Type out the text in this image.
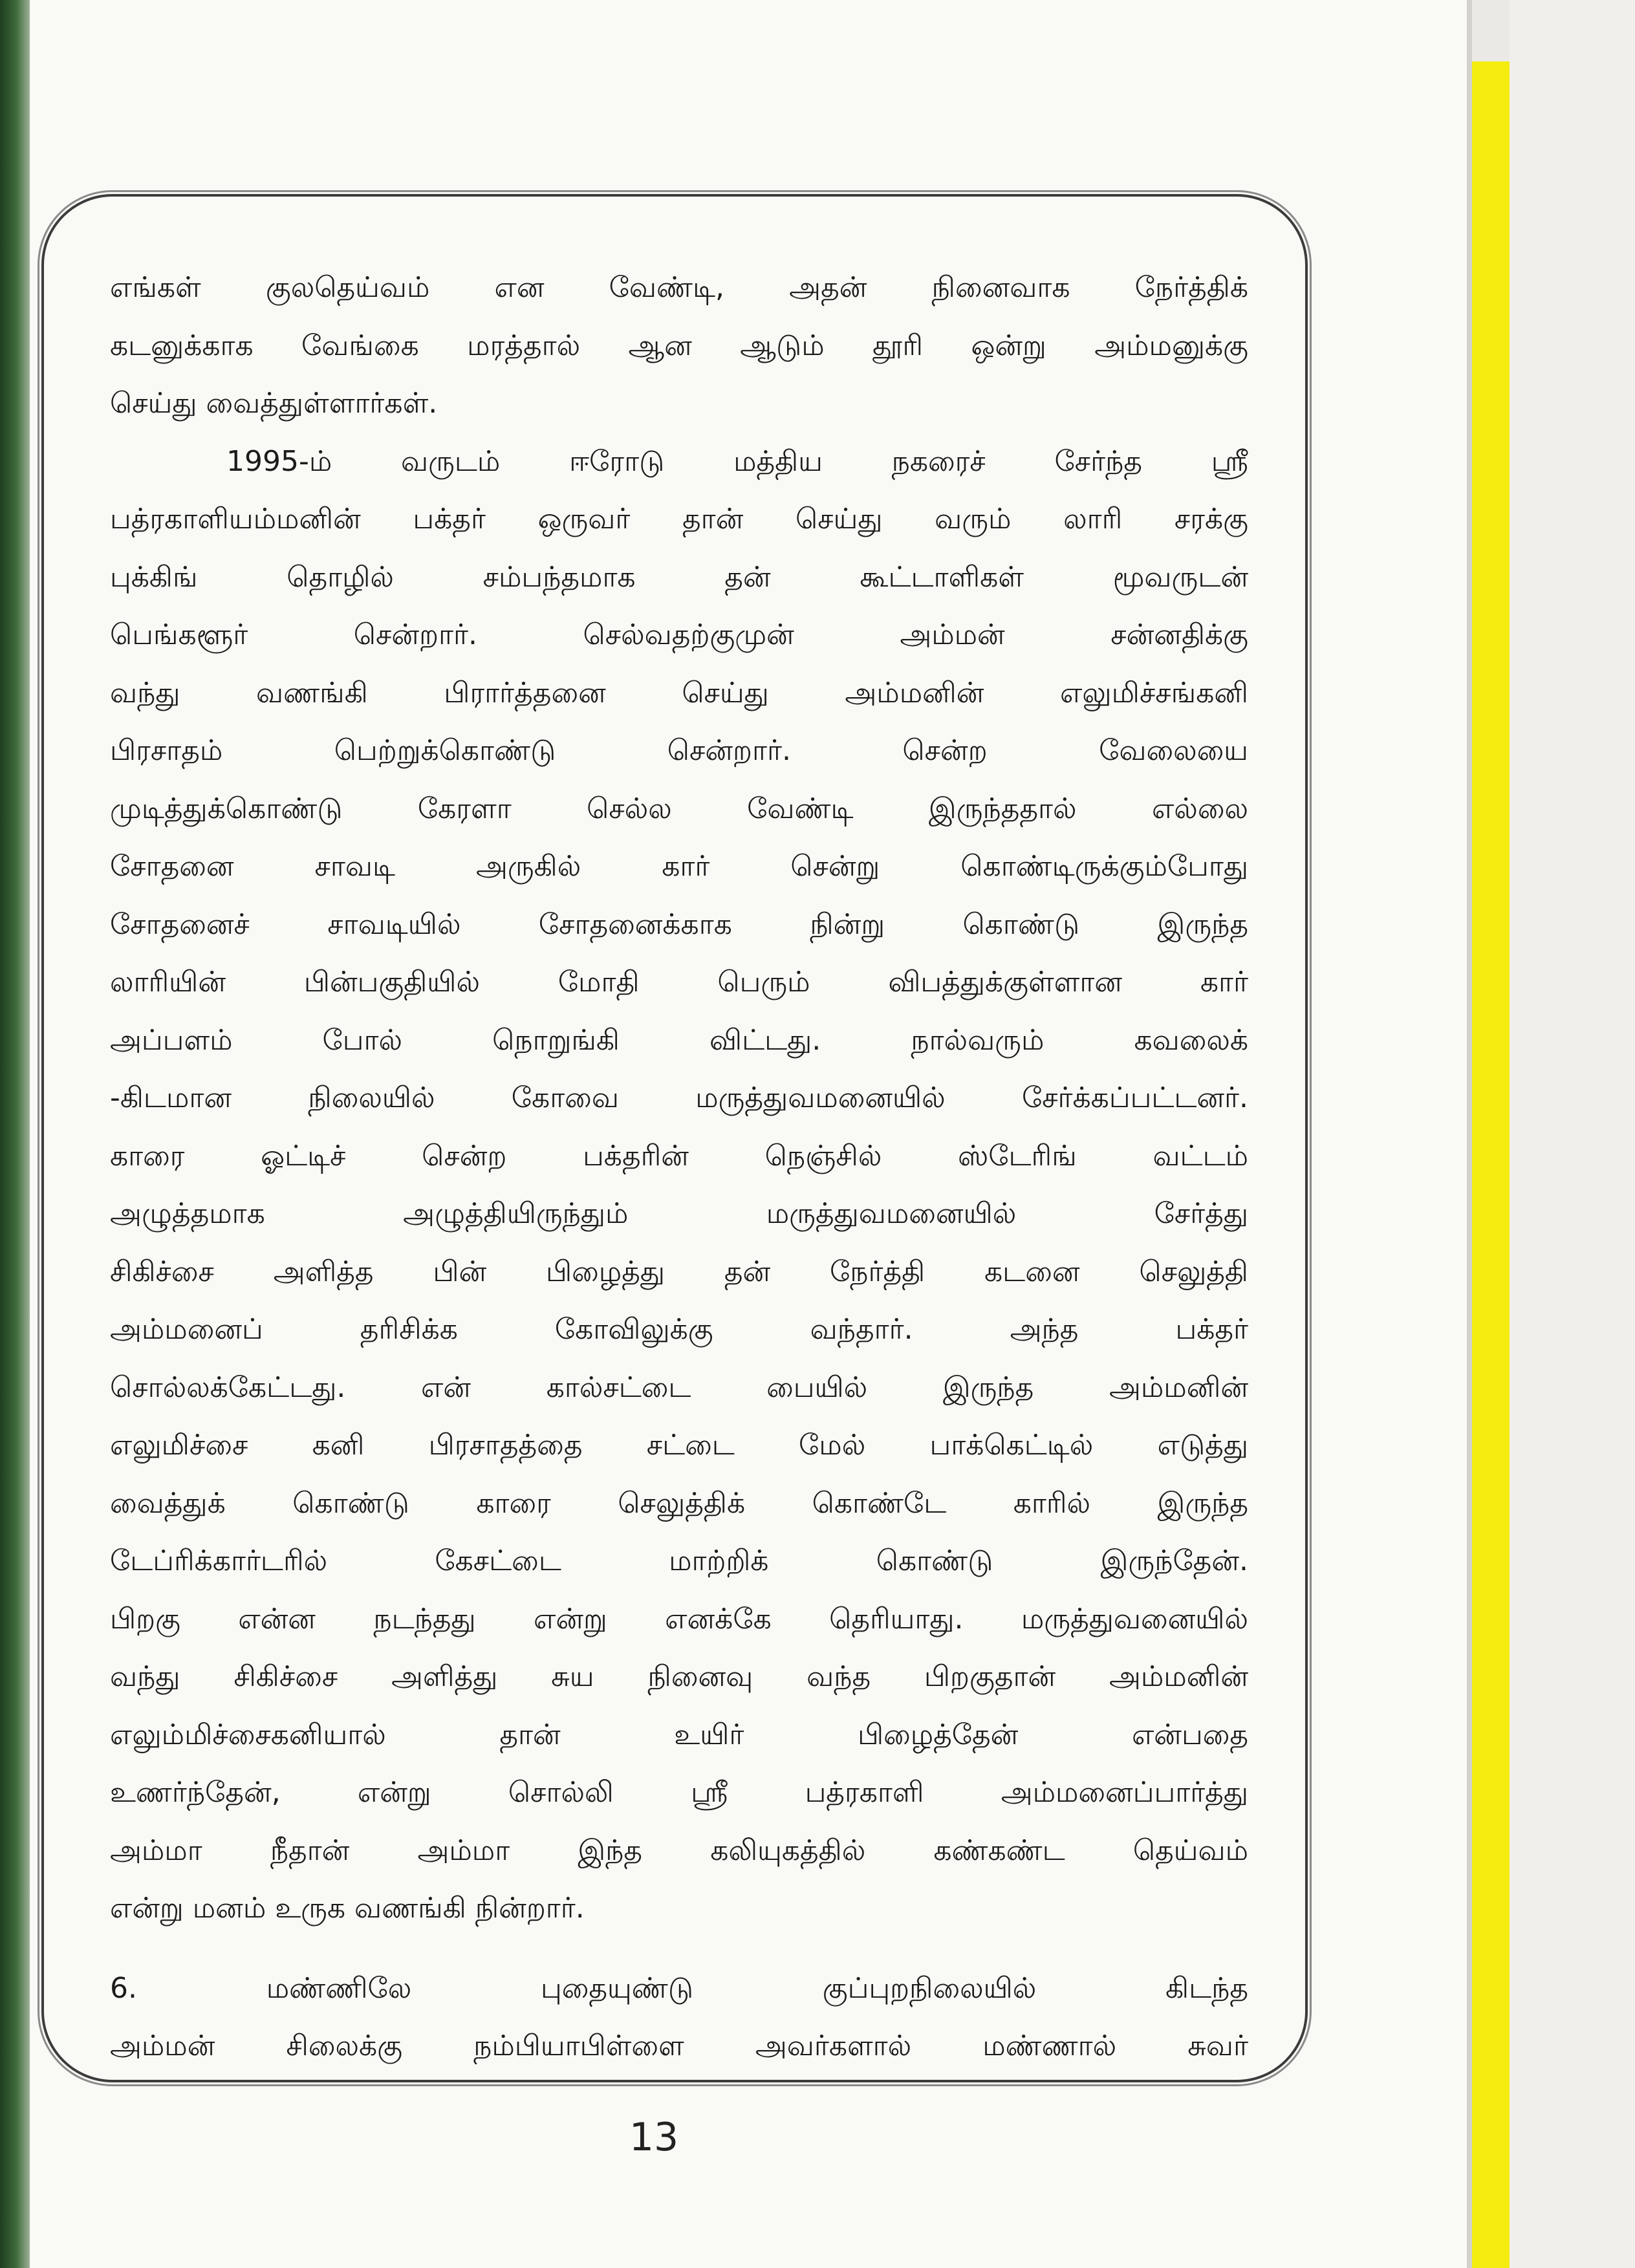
எங்கள் குலதெய்வம் என வேண்டி, அதன் நினைவாக நேர்த்திக்
கடனுக்காக வேங்கை மரத்தால் ஆன ஆடும் தூரி ஒன்று அம்மனுக்கு
செய்து வைத்துள்ளார்கள்.
1995-ம் வருடம் ஈரோடு மத்திய நகரைச் சேர்ந்த ஸ்ரீ
பத்ரகாளியம்மனின் பக்தர் ஒருவர் தான் செய்து வரும் லாரி சரக்கு
புக்கிங் தொழில் சம்பந்தமாக தன் கூட்டாளிகள் மூவருடன்
பெங்களூர் சென்றார். செல்வதற்குமுன் அம்மன் சன்னதிக்கு
வந்து வணங்கி பிரார்த்தனை செய்து அம்மனின் எலுமிச்சங்கனி
பிரசாதம் பெற்றுக்கொண்டு சென்றார். சென்ற வேலையை
முடித்துக்கொண்டு கேரளா செல்ல வேண்டி இருந்ததால் எல்லை
சோதனை சாவடி அருகில் கார் சென்று கொண்டிருக்கும்போது
சோதனைச் சாவடியில் சோதனைக்காக நின்று கொண்டு இருந்த
லாரியின் பின்பகுதியில் மோதி பெரும் விபத்துக்குள்ளான கார்
அப்பளம் போல் நொறுங்கி விட்டது. நால்வரும் கவலைக்
-கிடமான நிலையில் கோவை மருத்துவமனையில் சேர்க்கப்பட்டனர்.
காரை ஓட்டிச் சென்ற பக்தரின் நெஞ்சில் ஸ்டேரிங் வட்டம்
அழுத்தமாக அழுத்தியிருந்தும் மருத்துவமனையில் சேர்த்து
சிகிச்சை அளித்த பின் பிழைத்து தன் நேர்த்தி கடனை செலுத்தி
அம்மனைப் தரிசிக்க கோவிலுக்கு வந்தார். அந்த பக்தர்
சொல்லக்கேட்டது. என் கால்சட்டை பையில் இருந்த அம்மனின்
எலுமிச்சை கனி பிரசாதத்தை சட்டை மேல் பாக்கெட்டில் எடுத்து
வைத்துக் கொண்டு காரை செலுத்திக் கொண்டே காரில் இருந்த
டேப்ரிக்கார்டரில் கேசட்டை மாற்றிக் கொண்டு இருந்தேன்.
பிறகு என்ன நடந்தது என்று எனக்கே தெரியாது. மருத்துவனையில்
வந்து சிகிச்சை அளித்து சுய நினைவு வந்த பிறகுதான் அம்மனின்
எலும்மிச்சைகனியால் தான் உயிர் பிழைத்தேன் என்பதை
உணர்ந்தேன், என்று சொல்லி ஸ்ரீ பத்ரகாளி அம்மனைப்பார்த்து
அம்மா நீதான் அம்மா இந்த கலியுகத்தில் கண்கண்ட தெய்வம்
என்று மனம் உருக வணங்கி நின்றார்.
6. மண்ணிலே புதையுண்டு குப்புறநிலையில் கிடந்த
அம்மன் சிலைக்கு நம்பியாபிள்ளை அவர்களால் மண்ணால் சுவர்
13
